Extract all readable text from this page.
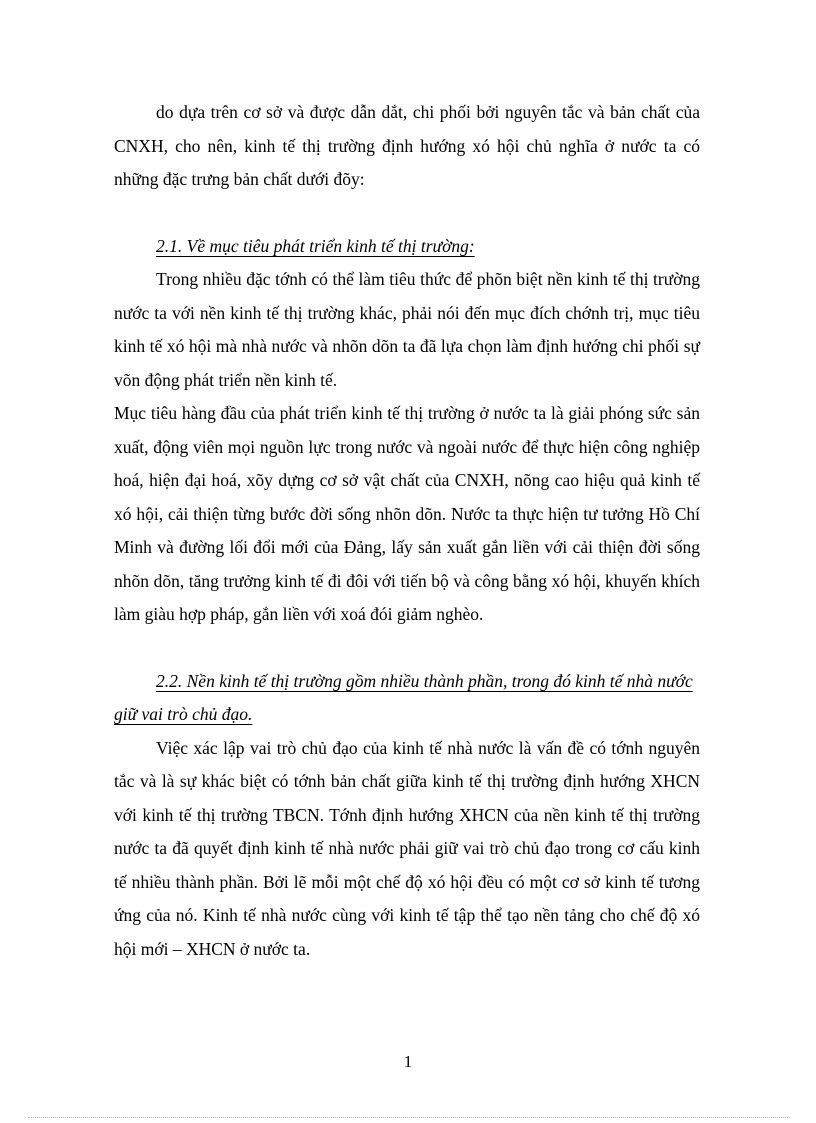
do dựa trên cơ sở và được dẫn dắt, chi phối bởi nguyên tắc và bản chất của CNXH, cho nên, kinh tế thị trường định hướng xó hội chủ nghĩa ở nước ta có những đặc trưng bản chất dưới đõy:

2.1. Về mục tiêu phát triển kinh tế thị trường:

Trong nhiều đặc tớnh có thể làm tiêu thức để phõn biệt nền kinh tế thị trường nước ta với nền kinh tế thị trường khác, phải nói đến mục đích chớnh trị, mục tiêu kinh tế xó hội mà nhà nước và nhõn dõn ta đã lựa chọn làm định hướng chi phối sự võn động phát triển nền kinh tế.

Mục tiêu hàng đầu của phát triển kinh tế thị trường ở nước ta là giải phóng sức sản xuất, động viên mọi nguồn lực trong nước và ngoài nước để thực hiện công nghiệp hoá, hiện đại hoá, xõy dựng cơ sở vật chất của CNXH, nõng cao hiệu quả kinh tế xó hội, cải thiện từng bước đời sống nhõn dõn. Nước ta thực hiện tư tưởng Hồ Chí Minh và đường lối đổi mới của Đảng, lấy sản xuất gắn liền với cải thiện đời sống nhõn dõn, tăng trưởng kinh tế đi đôi với tiến bộ và công bằng xó hội, khuyến khích làm giàu hợp pháp, gắn liền với xoá đói giảm nghèo.

2.2. Nền kinh tế thị trường gồm nhiều thành phần, trong đó kinh tế nhà nước giữ vai trò chủ đạo.

Việc xác lập vai trò chủ đạo của kinh tế nhà nước là vấn đề có tớnh nguyên tắc và là sự khác biệt có tớnh bản chất giữa kinh tế thị trường định hướng XHCN với kinh tế thị trường TBCN. Tớnh định hướng XHCN của nền kinh tế thị trường nước ta đã quyết định kinh tế nhà nước phải giữ vai trò chủ đạo trong cơ cấu kinh tế nhiều thành phần. Bởi lẽ mỗi một chế độ xó hội đều có một cơ sở kinh tế tương ứng của nó. Kinh tế nhà nước cùng với kinh tế tập thể tạo nền tảng cho chế độ xó hội mới – XHCN ở nước ta.

1
